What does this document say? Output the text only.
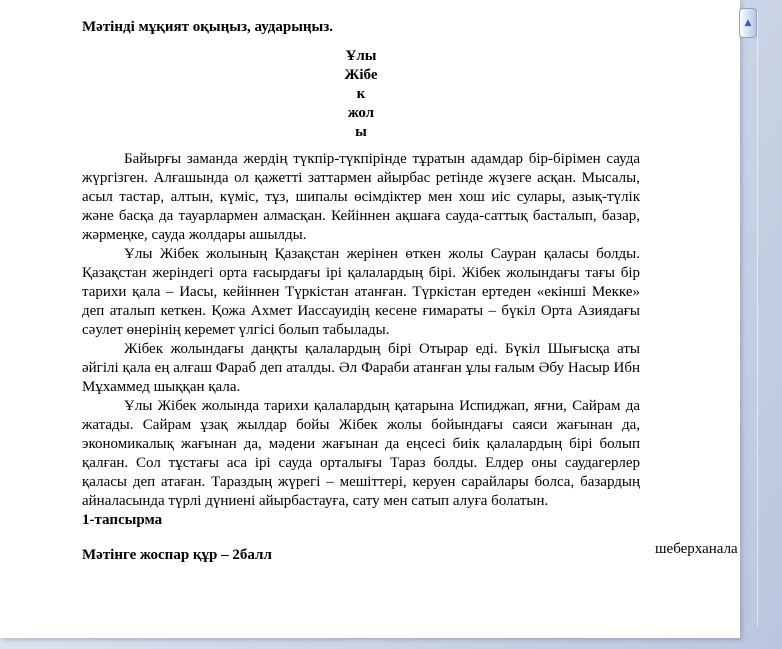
Мәтінді мұқият оқыңыз, аударыңыз.

Ұлы
Жібе
к
жол
ы

Байырғы заманда жердің түкпір-түкпірінде тұратын адамдар бір-бірімен сауда жүргізген. Алғашында ол қажетті заттармен айырбас ретінде жүзеге асқан. Мысалы, асыл тастар, алтын, күміс, тұз, шипалы өсімдіктер мен хош иіс сулары, азық-түлік және басқа да тауарлармен алмасқан. Кейіннен ақшаға сауда-саттық басталып, базар, жәрмеңке, сауда жолдары ашылды.

Ұлы Жібек жолының Қазақстан жерінен өткен жолы Сауран қаласы болды. Қазақстан жеріндегі орта ғасырдағы ірі қалалардың бірі. Жібек жолындағы тағы бір тарихи қала – Иасы, кейіннен Түркістан атанған. Түркістан ертеден «екінші Мекке» деп аталып кеткен. Қожа Ахмет Иассауидің кесене ғимараты – бүкіл Орта Азиядағы сәулет өнерінің керемет үлгісі болып табылады.

Жібек жолындағы даңқты қалалардың бірі Отырар еді. Бүкіл Шығысқа аты әйгілі қала ең алғаш Фараб деп аталды. Әл Фараби атанған ұлы ғалым Әбу Насыр Ибн Мұхаммед шыққан қала.

Ұлы Жібек жолында тарихи қалалардың қатарына Испиджап, яғни, Сайрам да жатады. Сайрам ұзақ жылдар бойы Жібек жолы бойындағы саяси жағынан да, экономикалық жағынан да, мәдени жағынан да еңсесі биік қалалардың бірі болып қалған. Сол тұстағы аса ірі сауда орталығы Тараз болды. Елдер оны саудагерлер қаласы деп атаған. Тараздың жүрегі – мешіттері, керуен сарайлары болса, базардың айналасында түрлі дүниені айырбастауға, сату мен сатып алуға болатын.

1-тапсырма

Мәтінге жоспар құр – 2балл	шеберханала
▲
